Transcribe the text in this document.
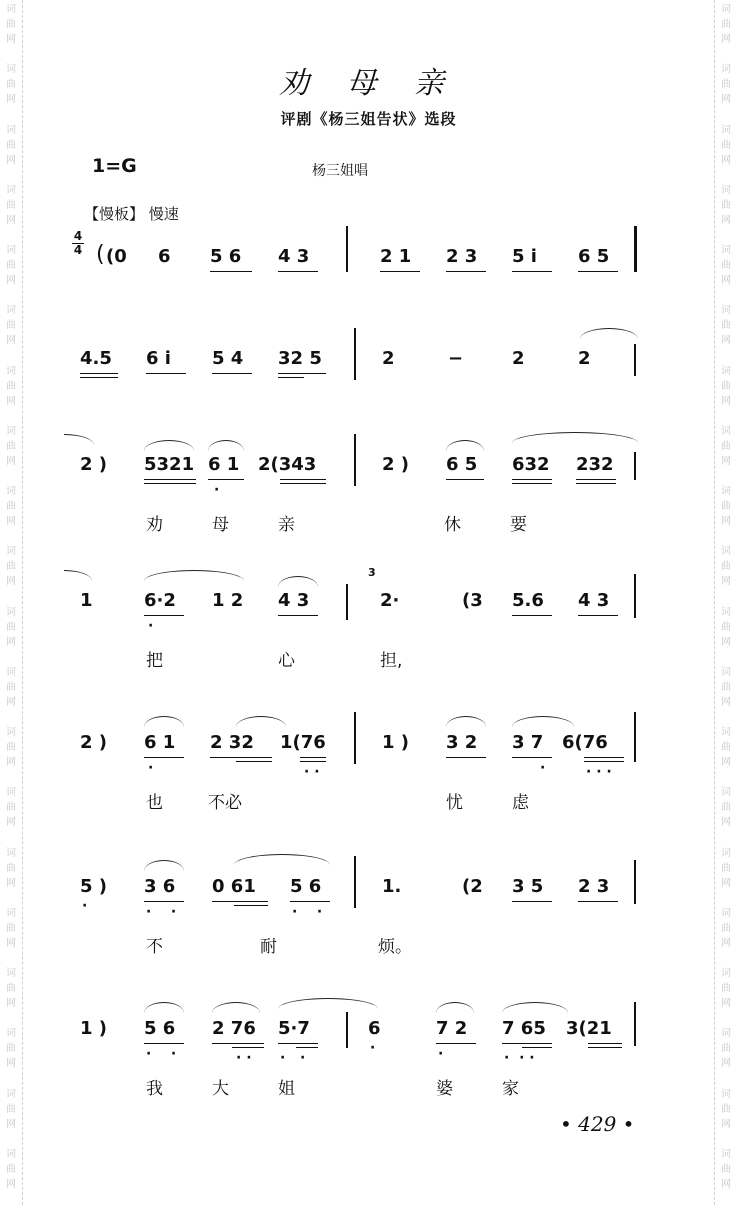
词
曲
网
词
曲
网
词
曲
网
词
曲
网
词
曲
网
词
曲
网
词
曲
网
词
曲
网
词
曲
网
词
曲
网
词
曲
网
词
曲
网
词
曲
网
词
曲
网
词
曲
网
词
曲
网
词
曲
网
词
曲
网
词
曲
网
词
曲
网
词
曲
网
词
曲
网
词
曲
网
词
曲
网
词
曲
网
词
曲
网
词
曲
网
词
曲
网
词
曲
网
词
曲
网
词
曲
网
词
曲
网
词
曲
网
词
曲
网
词
曲
网
词
曲
网
词
曲
网
词
曲
网
词
曲
网
词
曲
网
劝 母 亲
评剧《杨三姐告状》选段
1=G	杨三姐唱
【慢板】 慢速
4
4 ( (0 6 5 6 4 3	2 1 2 3 5 i 6 5
4.5 6 i 5 4 32 5	2	−	2	2
2 ) 5321 6 1
·
2(343	2 ) 6 5 632 232
劝	母	亲	休	要
1	6·2
·
1 2 4 3
3
2·	(3 5.6 4 3
把	心	担,
2 ) 6 1
·
2 32 1(76
· ·
1 ) 3 2 3 7
·
6(76
· · ·
也	不必	忧	虑
5 )
·
3 6
·    ·
0 61 5 6
·    ·
1.	(2 3 5 2 3
不	耐	烦。
1 ) 5 6
·    ·
2 76
· ·
5·7
·   ·
6
·
7 2
·
7 65
·  · ·
3(21
我	大	姐	婆	家
• 429 •
